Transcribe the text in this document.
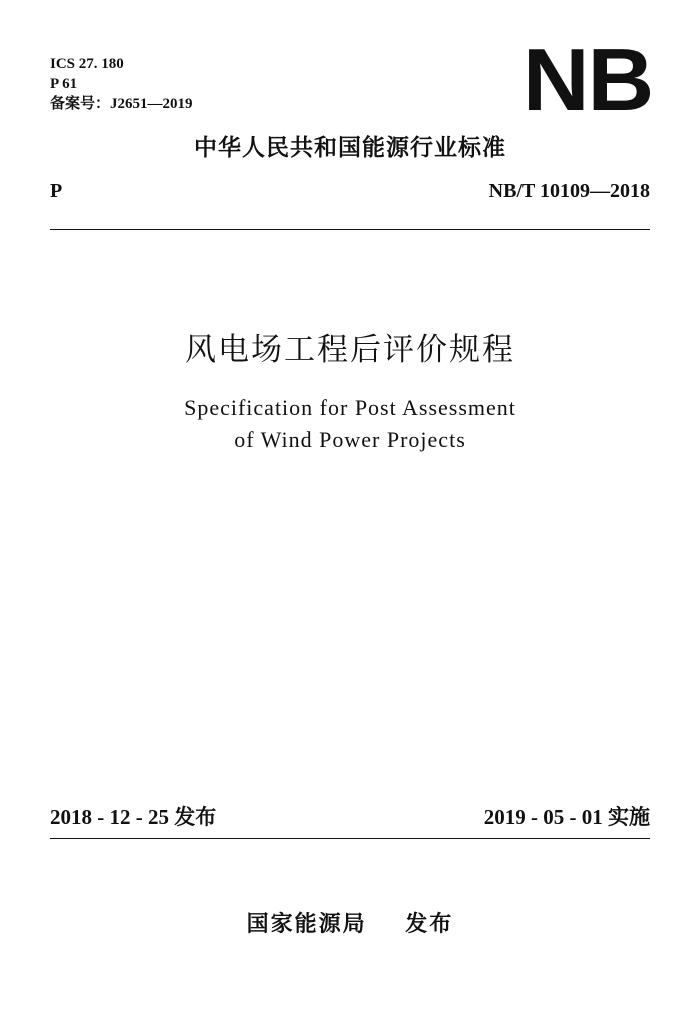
ICS 27. 180
P 61
备案号：J2651—2019	NB
中华人民共和国能源行业标准
P	NB/T 10109—2018
风电场工程后评价规程
Specification for Post Assessment
of Wind Power Projects
2018 - 12 - 25 发布	2019 - 05 - 01 实施
国家能源局    发布
